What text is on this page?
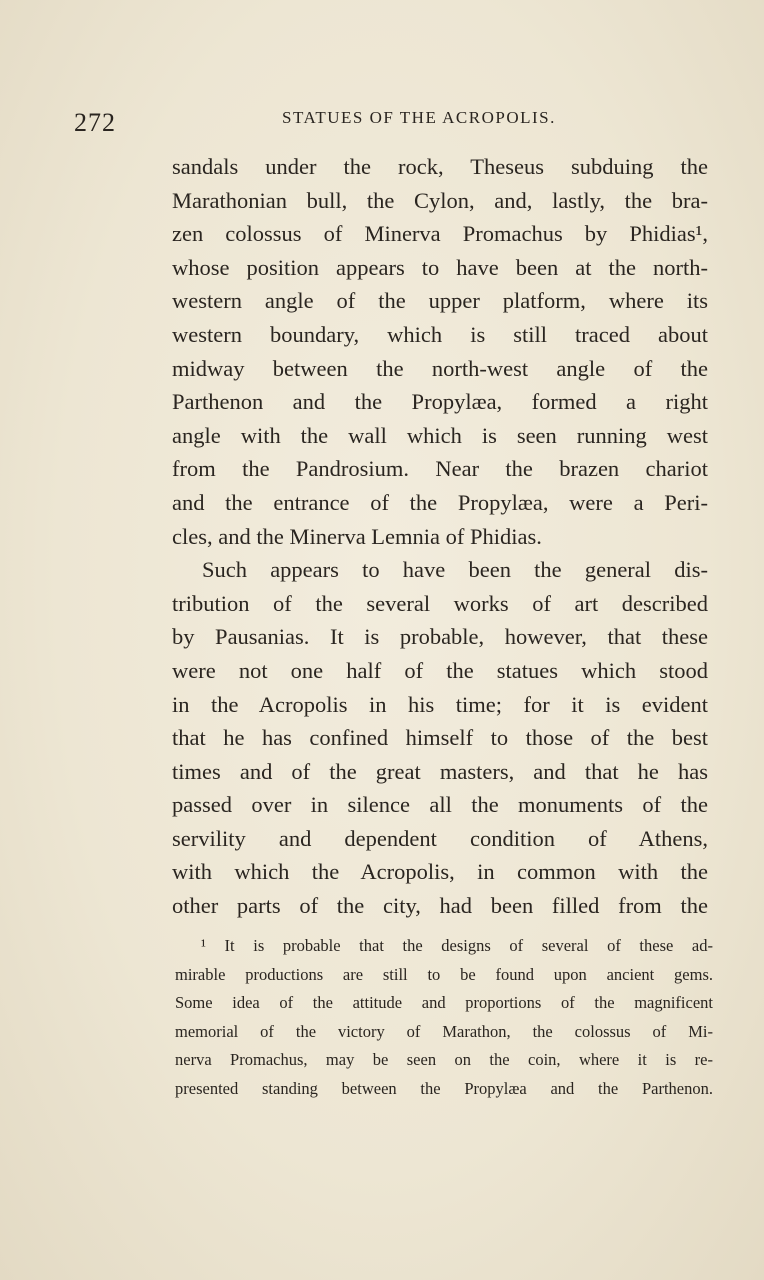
272	STATUES OF THE ACROPOLIS.
sandals under the rock, Theseus subduing the
Marathonian bull, the Cylon, and, lastly, the bra-
zen colossus of Minerva Promachus by Phidias¹,
whose position appears to have been at the north-
western angle of the upper platform, where its
western boundary, which is still traced about
midway between the north-west angle of the
Parthenon and the Propylæa, formed a right
angle with the wall which is seen running west
from the Pandrosium. Near the brazen chariot
and the entrance of the Propylæa, were a Peri-
cles, and the Minerva Lemnia of Phidias.
Such appears to have been the general dis-
tribution of the several works of art described
by Pausanias. It is probable, however, that these
were not one half of the statues which stood
in the Acropolis in his time; for it is evident
that he has confined himself to those of the best
times and of the great masters, and that he has
passed over in silence all the monuments of the
servility and dependent condition of Athens,
with which the Acropolis, in common with the
other parts of the city, had been filled from the
¹ It is probable that the designs of several of these ad-
mirable productions are still to be found upon ancient gems.
Some idea of the attitude and proportions of the magnificent
memorial of the victory of Marathon, the colossus of Mi-
nerva Promachus, may be seen on the coin, where it is re-
presented standing between the Propylæa and the Parthenon.
